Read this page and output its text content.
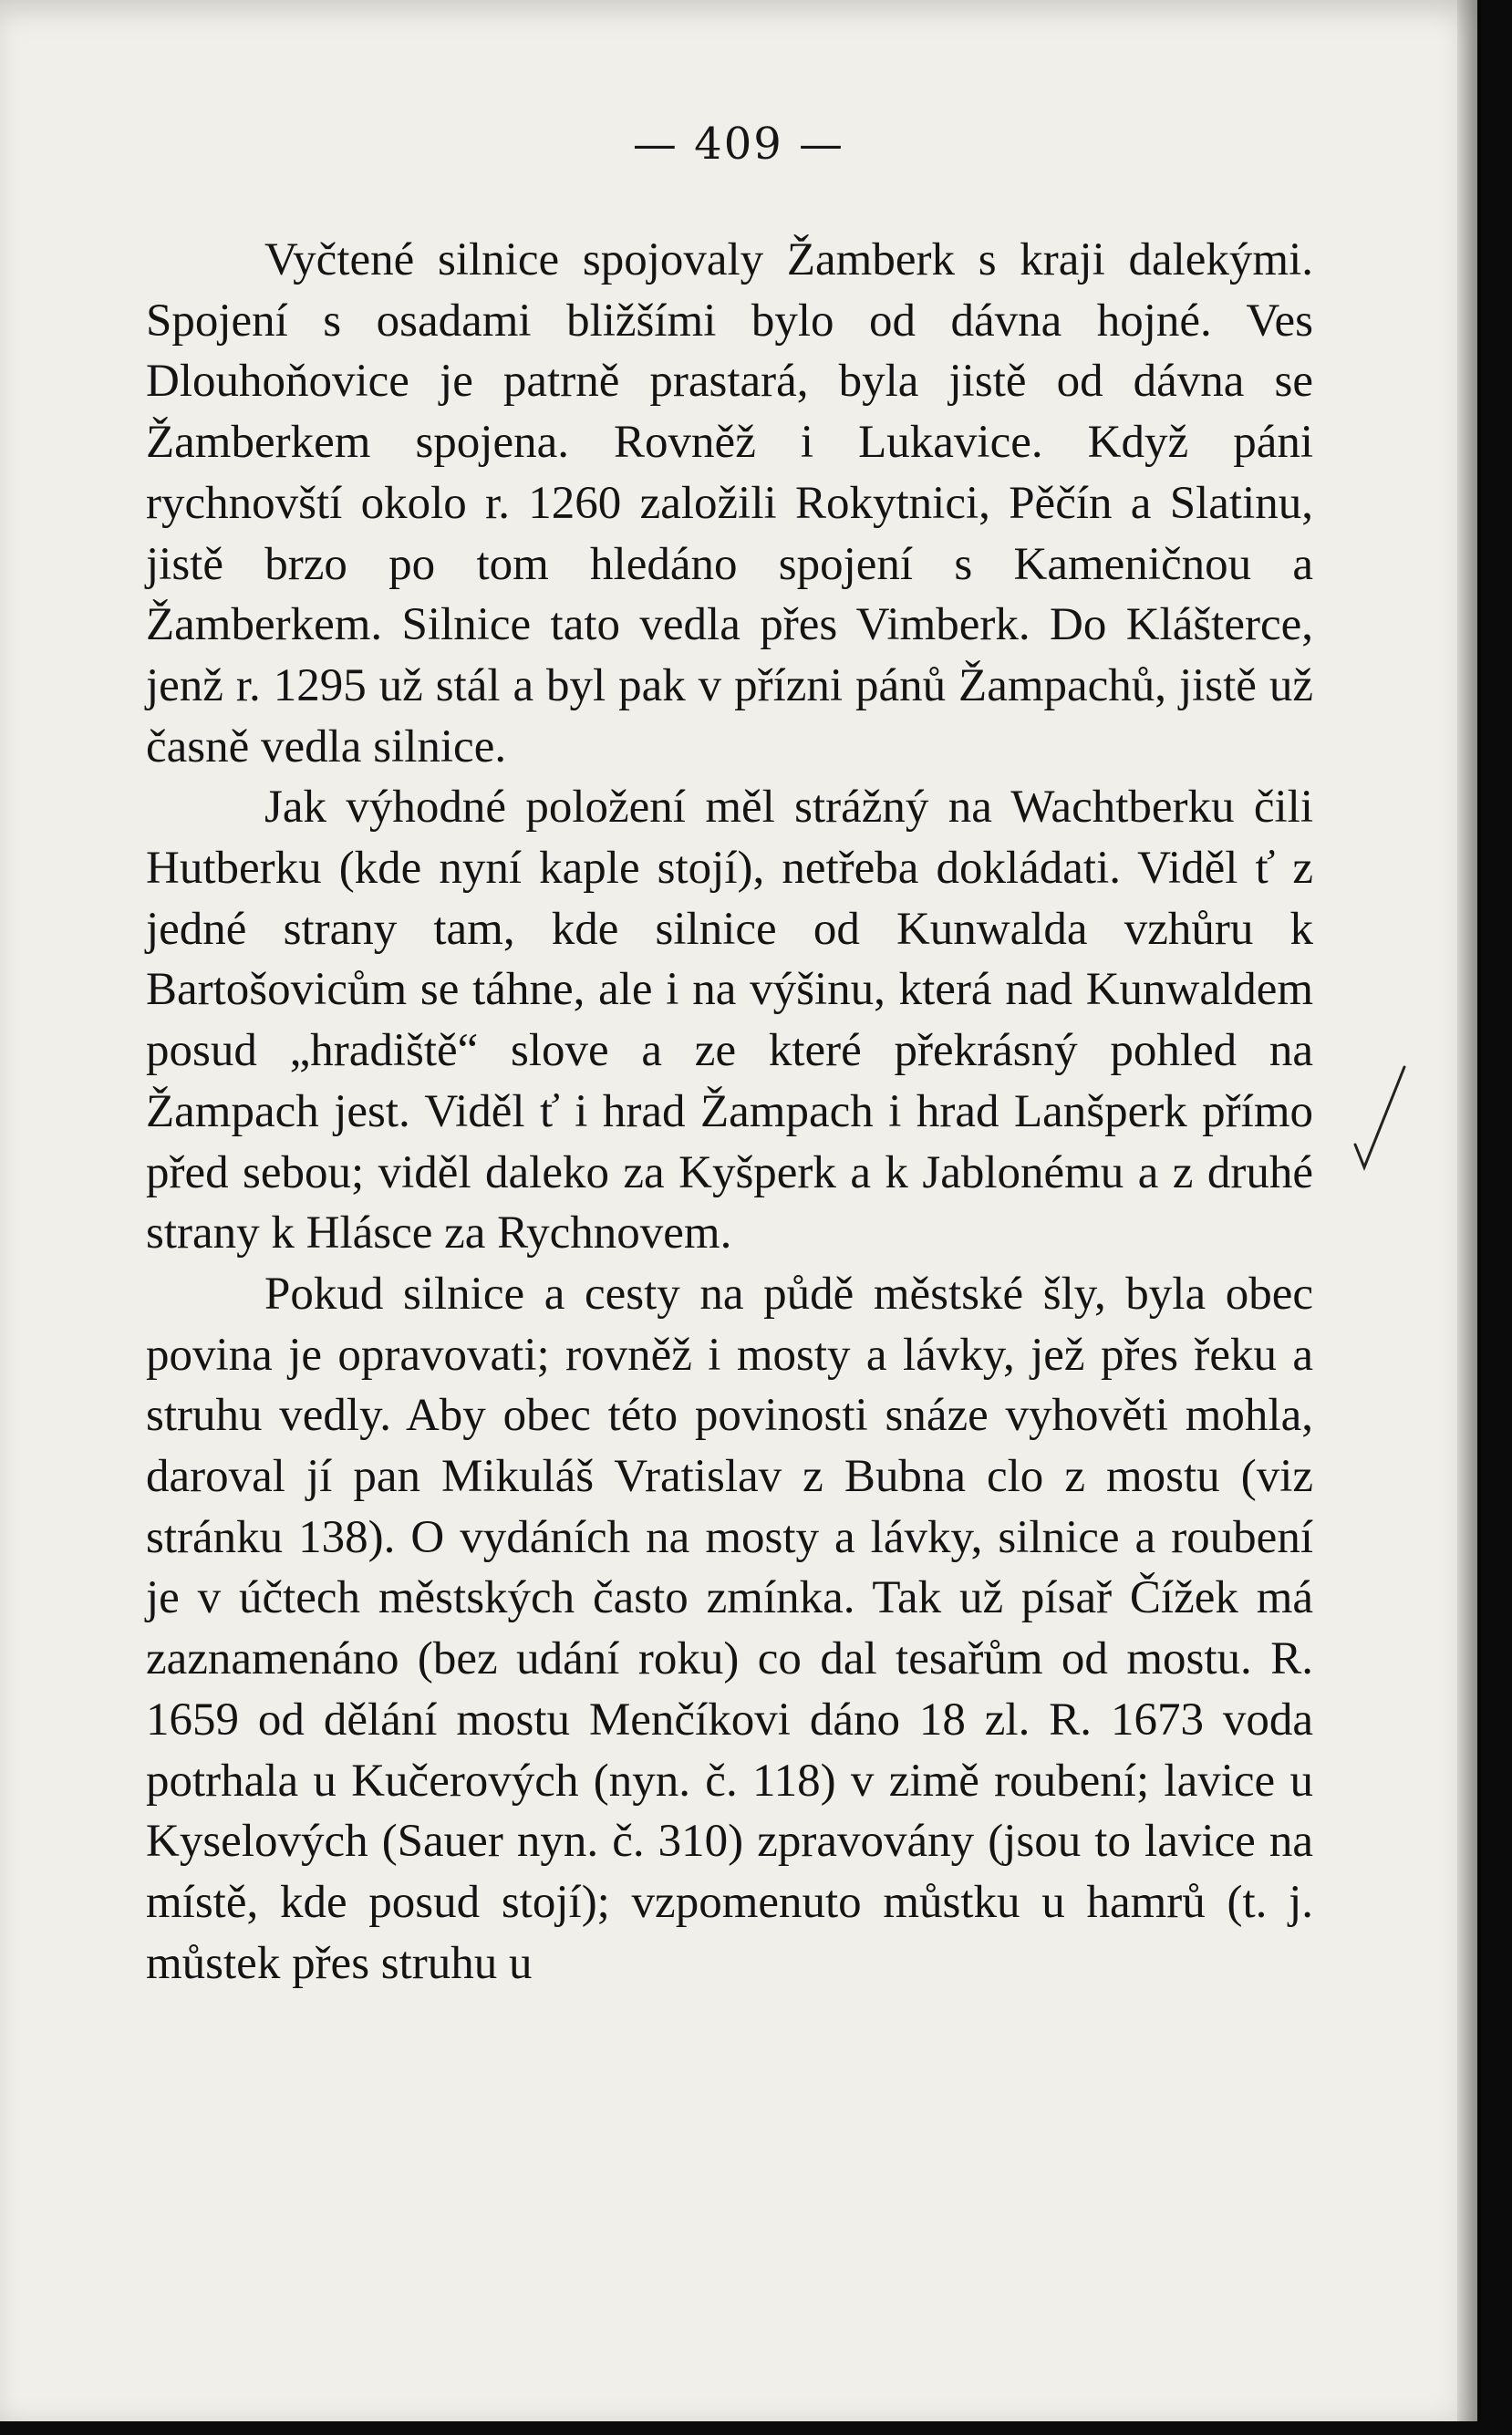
— 409 —

Vyčtené silnice spojovaly Žamberk s kraji dalekými. Spojení s osadami bližšími bylo od dávna hojné. Ves Dlouhoňovice je patrně prastará, byla jistě od dávna se Žamberkem spojena. Rovněž i Lukavice. Když páni rychnovští okolo r. 1260 založili Rokytnici, Pěčín a Slatinu, jistě brzo po tom hledáno spojení s Kameničnou a Žamberkem. Silnice tato vedla přes Vimberk. Do Klášterce, jenž r. 1295 už stál a byl pak v přízni pánů Žampachů, jistě už časně vedla silnice.

Jak výhodné položení měl strážný na Wachtberku čili Hutberku (kde nyní kaple stojí), netřeba dokládati. Viděl ť z jedné strany tam, kde silnice od Kunwalda vzhůru k Bartošovicům se táhne, ale i na výšinu, která nad Kunwaldem posud „hradiště“ slove a ze které překrásný pohled na Žampach jest. Viděl ť i hrad Žampach i hrad Lanšperk přímo před sebou; viděl daleko za Kyšperk a k Jablonému a z druhé strany k Hlásce za Rychnovem.

Pokud silnice a cesty na půdě městské šly, byla obec povina je opravovati; rovněž i mosty a lávky, jež přes řeku a struhu vedly. Aby obec této povinosti snáze vyhověti mohla, daroval jí pan Mikuláš Vratislav z Bubna clo z mostu (viz stránku 138). O vydáních na mosty a lávky, silnice a roubení je v účtech městských často zmínka. Tak už písař Čížek má zaznamenáno (bez udání roku) co dal tesařům od mostu. R. 1659 od dělání mostu Menčíkovi dáno 18 zl. R. 1673 voda potrhala u Kučerových (nyn. č. 118) v zimě roubení; lavice u Kyselových (Sauer nyn. č. 310) zpravovány (jsou to lavice na místě, kde posud stojí); vzpomenuto můstku u hamrů (t. j. můstek přes struhu u
